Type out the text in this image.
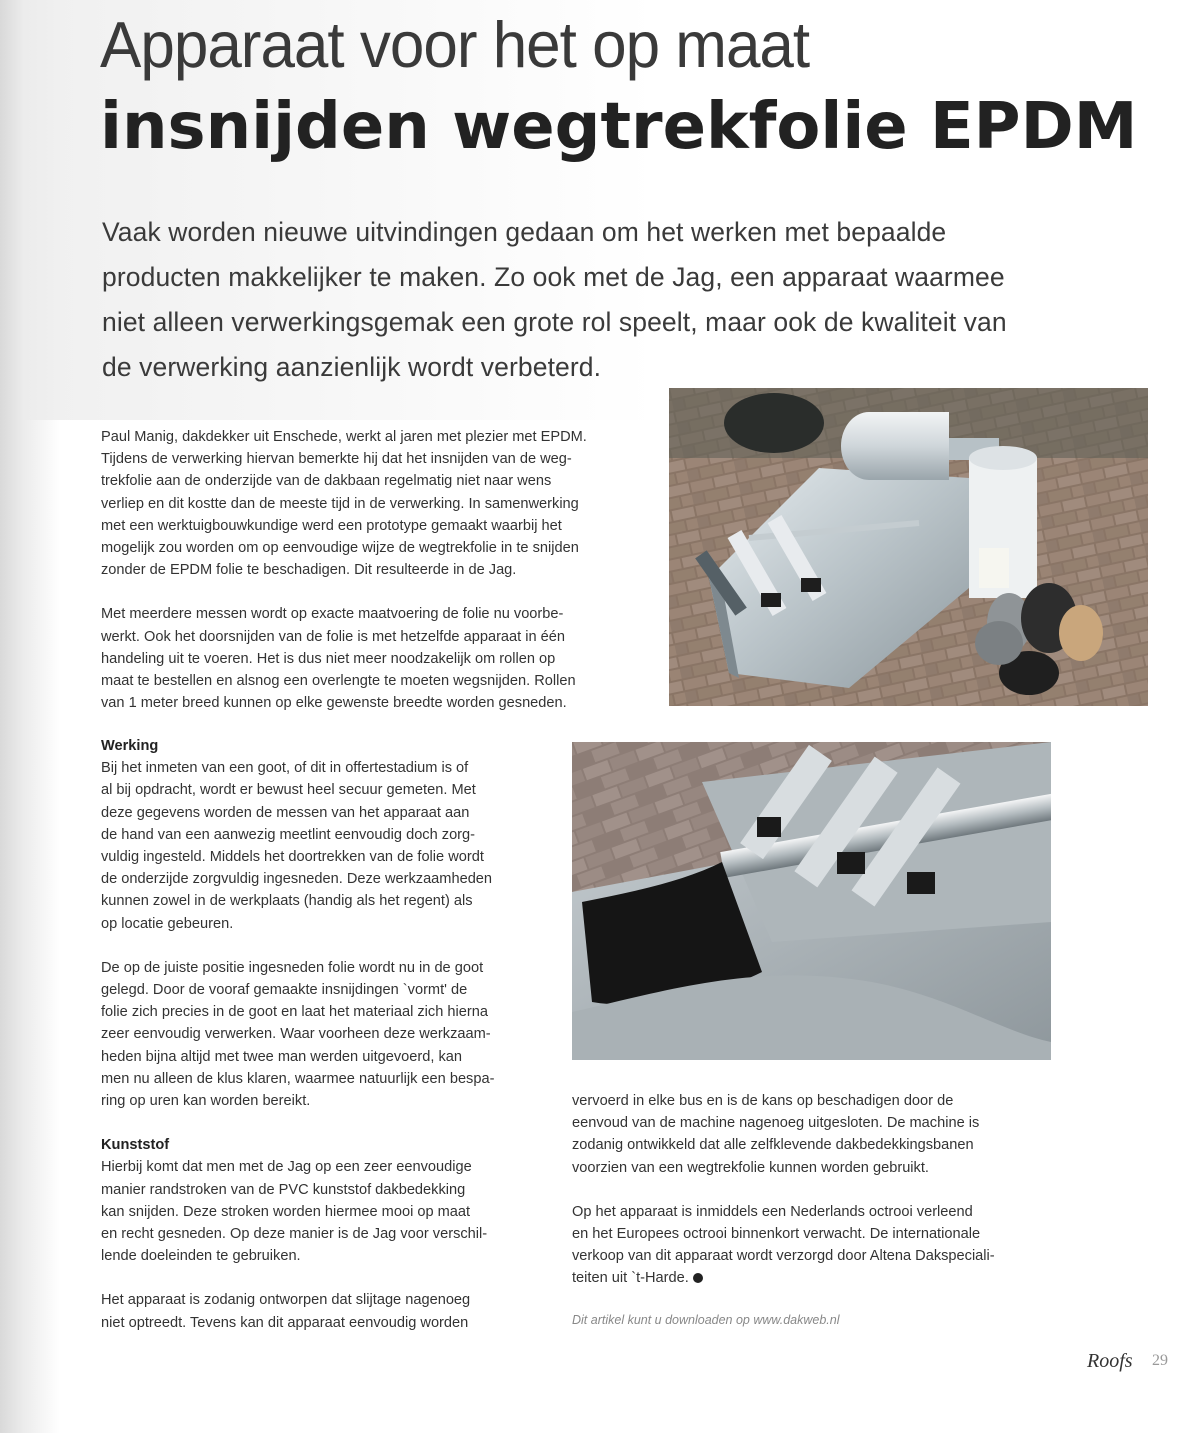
Apparaat voor het op maat
insnijden wegtrekfolie EPDM
Vaak worden nieuwe uitvindingen gedaan om het werken met bepaalde
producten makkelijker te maken. Zo ook met de Jag, een apparaat waarmee
niet alleen verwerkingsgemak een grote rol speelt, maar ook de kwaliteit van
de verwerking aanzienlijk wordt verbeterd.

Paul Manig, dakdekker uit Enschede, werkt al jaren met plezier met EPDM.
Tijdens de verwerking hiervan bemerkte hij dat het insnijden van de weg-
trekfolie aan de onderzijde van de dakbaan regelmatig niet naar wens
verliep en dit kostte dan de meeste tijd in de verwerking. In samenwerking
met een werktuigbouwkundige werd een prototype gemaakt waarbij het
mogelijk zou worden om op eenvoudige wijze de wegtrekfolie in te snijden
zonder de EPDM folie te beschadigen. Dit resulteerde in de Jag.

Met meerdere messen wordt op exacte maatvoering de folie nu voorbe-
werkt. Ook het doorsnijden van de folie is met hetzelfde apparaat in één
handeling uit te voeren. Het is dus niet meer noodzakelijk om rollen op
maat te bestellen en alsnog een overlengte te moeten wegsnijden. Rollen
van 1 meter breed kunnen op elke gewenste breedte worden gesneden.

Werking

Bij het inmeten van een goot, of dit in offertestadium is of
al bij opdracht, wordt er bewust heel secuur gemeten. Met
deze gegevens worden de messen van het apparaat aan
de hand van een aanwezig meetlint eenvoudig doch zorg-
vuldig ingesteld. Middels het doortrekken van de folie wordt
de onderzijde zorgvuldig ingesneden. Deze werkzaamheden
kunnen zowel in de werkplaats (handig als het regent) als
op locatie gebeuren.

De op de juiste positie ingesneden folie wordt nu in de goot
gelegd. Door de vooraf gemaakte insnijdingen `vormt' de
folie zich precies in de goot en laat het materiaal zich hierna
zeer eenvoudig verwerken. Waar voorheen deze werkzaam-
heden bijna altijd met twee man werden uitgevoerd, kan
men nu alleen de klus klaren, waarmee natuurlijk een bespa-
ring op uren kan worden bereikt.

Kunststof

Hierbij komt dat men met de Jag op een zeer eenvoudige
manier randstroken van de PVC kunststof dakbedekking
kan snijden. Deze stroken worden hiermee mooi op maat
en recht gesneden. Op deze manier is de Jag voor verschil-
lende doeleinden te gebruiken.

Het apparaat is zodanig ontworpen dat slijtage nagenoeg
niet optreedt. Tevens kan dit apparaat eenvoudig worden

vervoerd in elke bus en is de kans op beschadigen door de
eenvoud van de machine nagenoeg uitgesloten. De machine is
zodanig ontwikkeld dat alle zelfklevende dakbedekkingsbanen
voorzien van een wegtrekfolie kunnen worden gebruikt.

Op het apparaat is inmiddels een Nederlands octrooi verleend
en het Europees octrooi binnenkort verwacht. De internationale
verkoop van dit apparaat wordt verzorgd door Altena Dakspeciali-
teiten uit `t-Harde.

Dit artikel kunt u downloaden op www.dakweb.nl

Roofs 29
